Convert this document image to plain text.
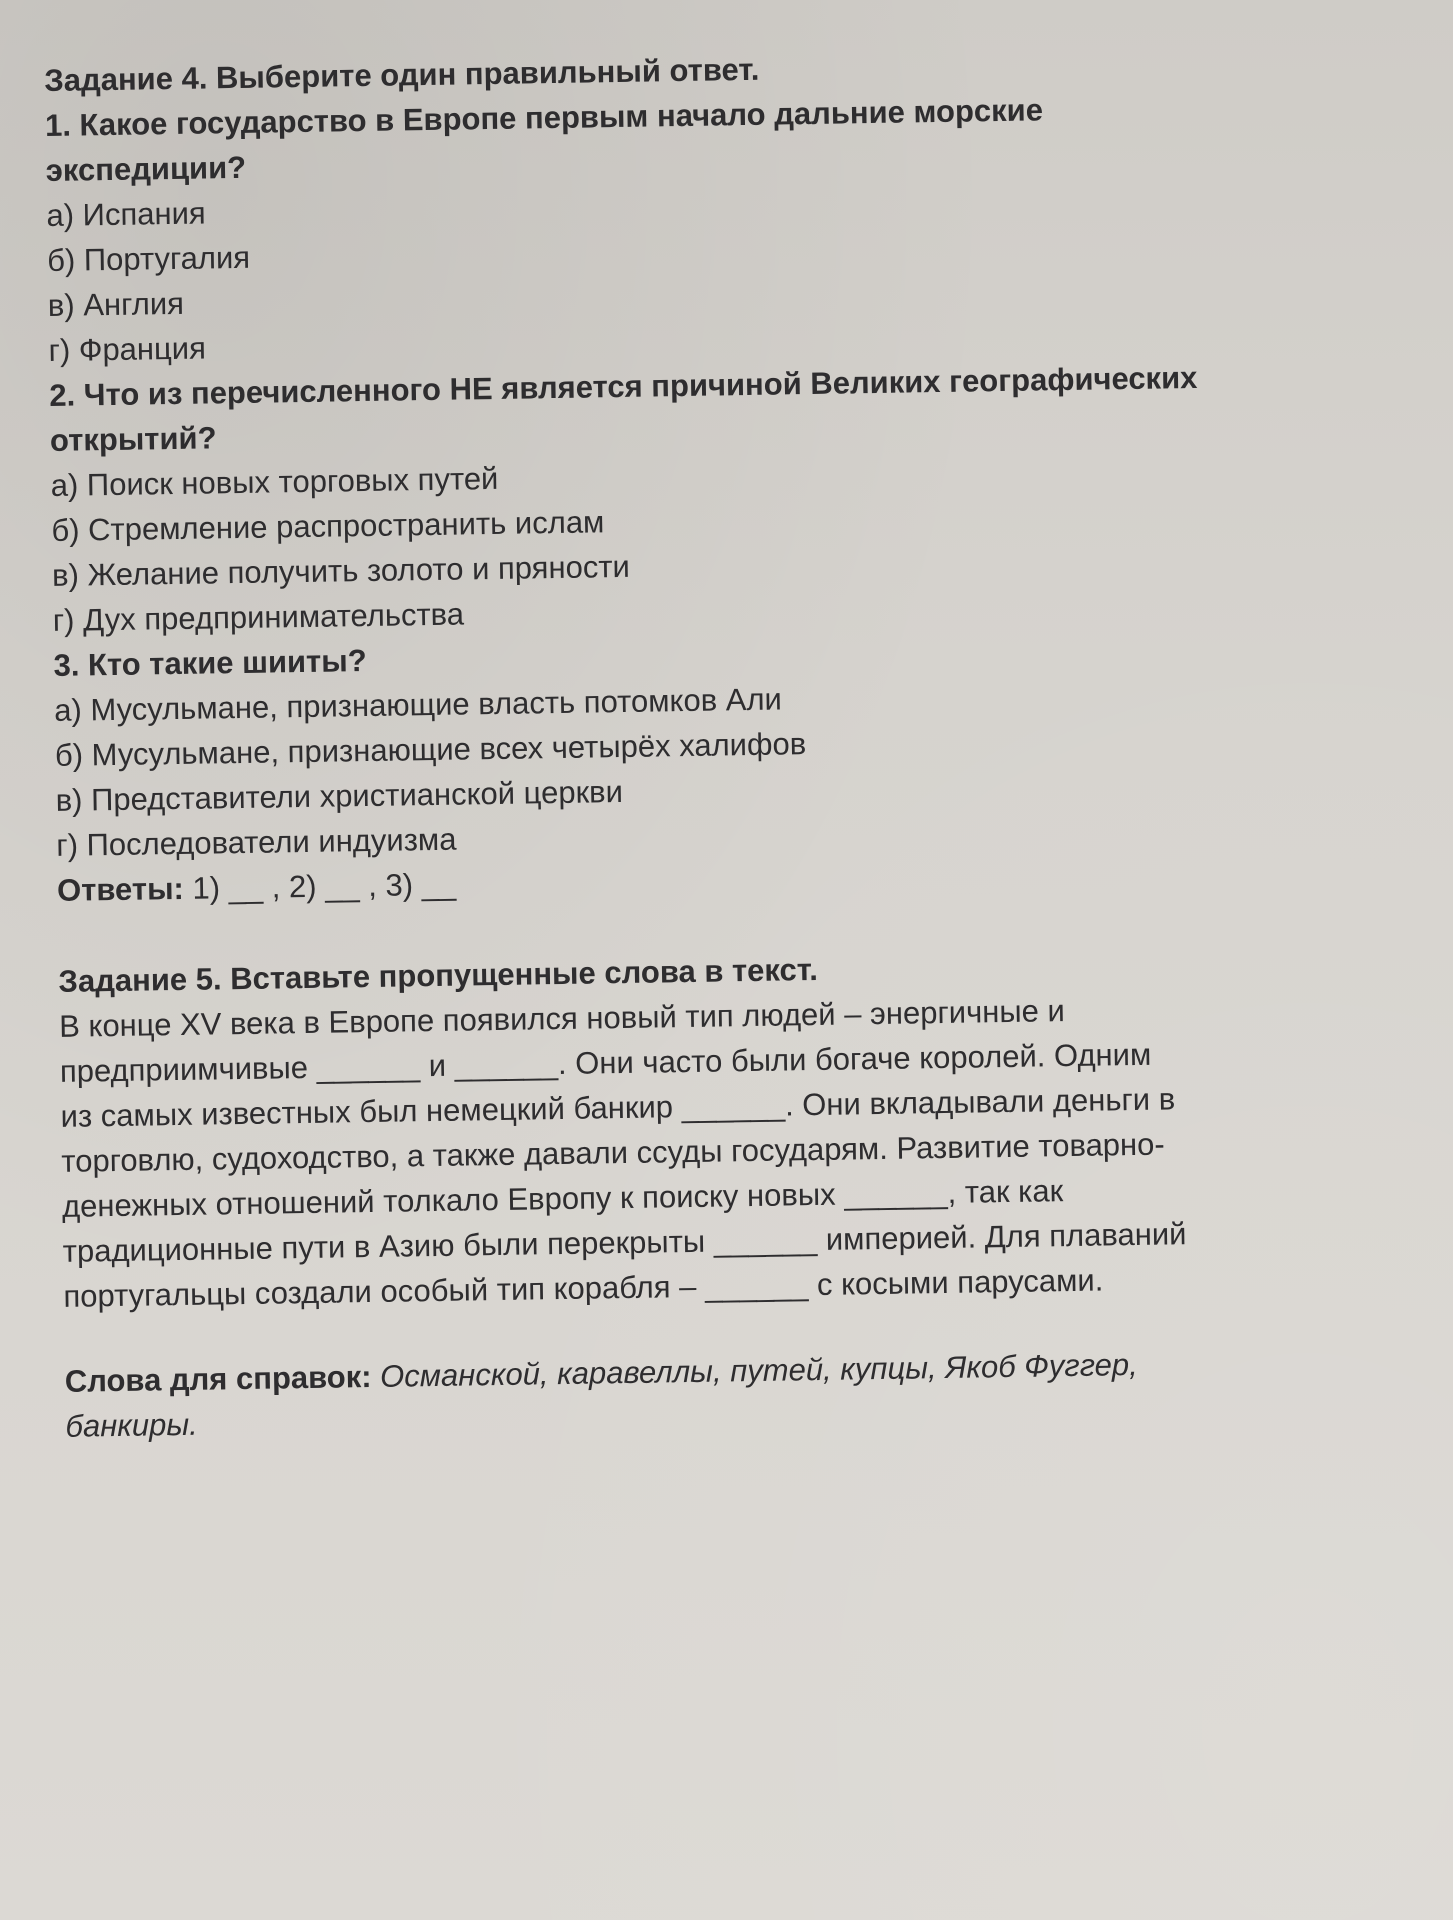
Задание 4. Выберите один правильный ответ.

1. Какое государство в Европе первым начало дальние морские

экспедиции?

а) Испания

б) Португалия

в) Англия

г) Франция

2. Что из перечисленного НЕ является причиной Великих географических

открытий?

а) Поиск новых торговых путей

б) Стремление распространить ислам

в) Желание получить золото и пряности

г) Дух предпринимательства

3. Кто такие шииты?

а) Мусульмане, признающие власть потомков Али

б) Мусульмане, признающие всех четырёх халифов

в) Представители христианской церкви

г) Последователи индуизма

Ответы: 1) __ , 2) __ , 3) __

Задание 5. Вставьте пропущенные слова в текст.

В конце XV века в Европе появился новый тип людей – энергичные и

предприимчивые ______ и ______. Они часто были богаче королей. Одним

из самых известных был немецкий банкир ______. Они вкладывали деньги в

торговлю, судоходство, а также давали ссуды государям. Развитие товарно-

денежных отношений толкало Европу к поиску новых ______, так как

традиционные пути в Азию были перекрыты ______ империей. Для плаваний

португальцы создали особый тип корабля – ______ с косыми парусами.

Слова для справок: Османской, каравеллы, путей, купцы, Якоб Фуггер,

банкиры.
